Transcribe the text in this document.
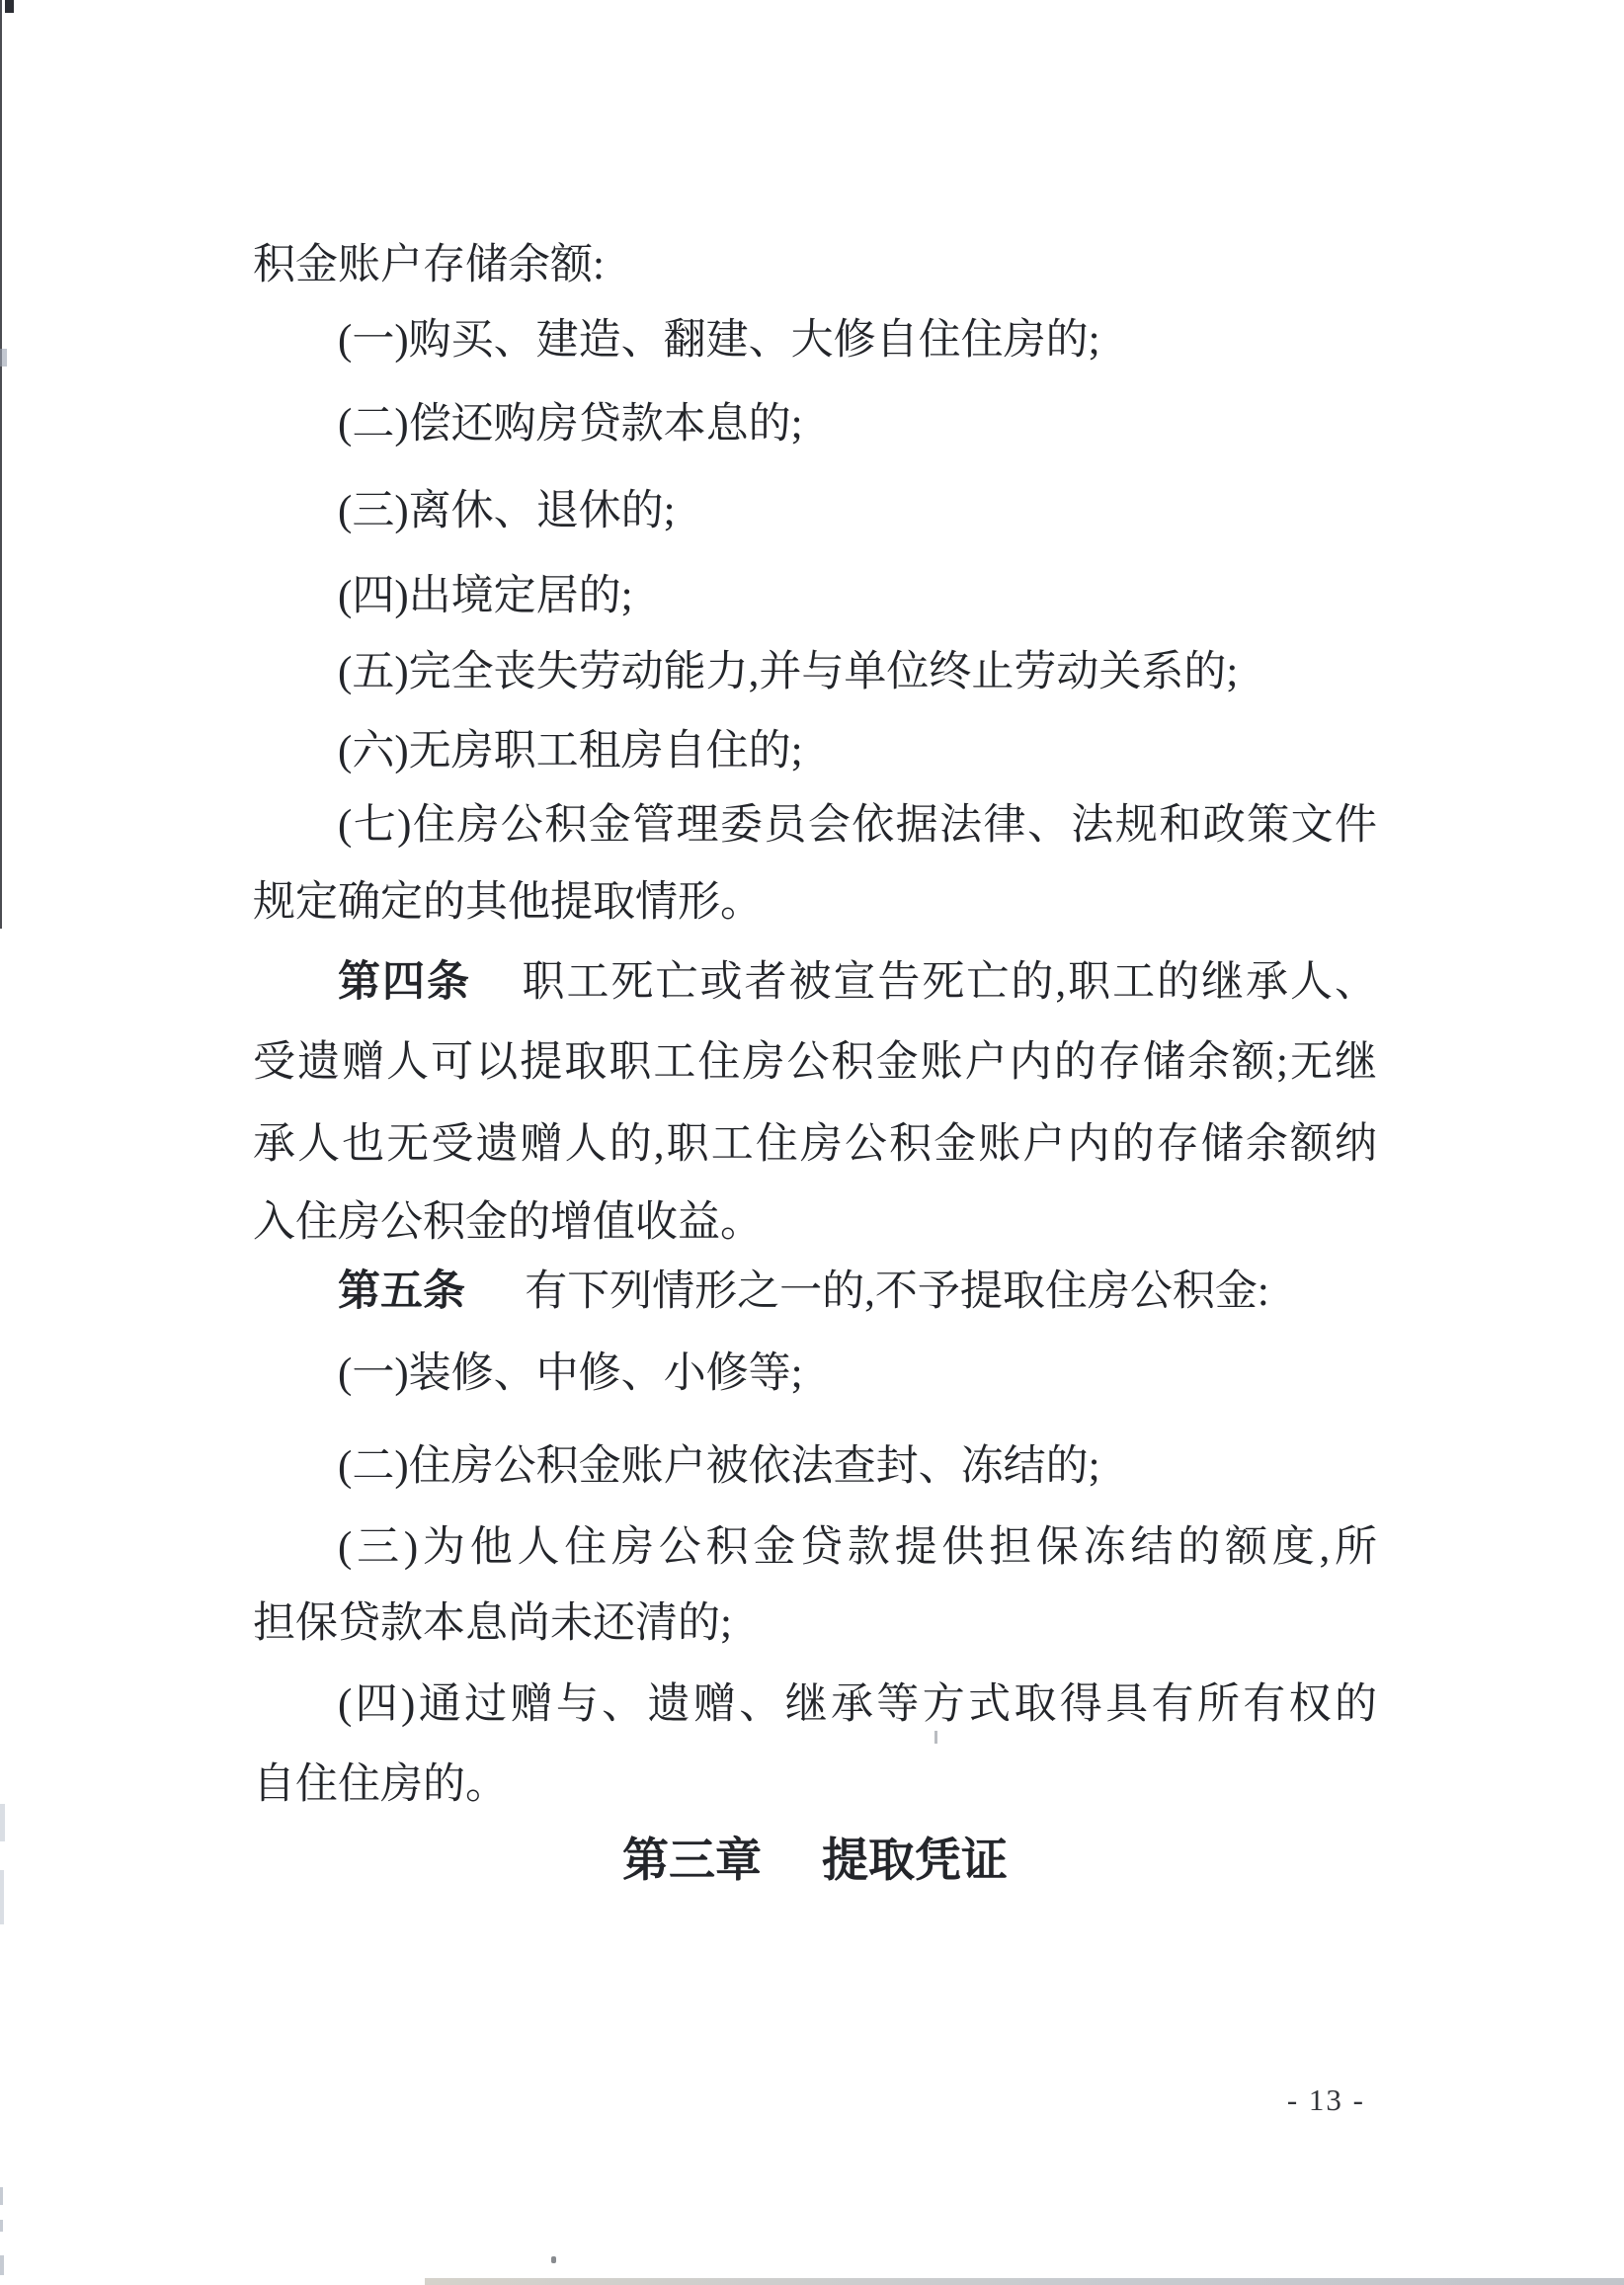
积金账户存储余额:
(一)购买、建造、翻建、大修自住住房的;
(二)偿还购房贷款本息的;
(三)离休、退休的;
(四)出境定居的;
(五)完全丧失劳动能力,并与单位终止劳动关系的;
(六)无房职工租房自住的;
(七)住房公积金管理委员会依据法律、法规和政策文件
规定确定的其他提取情形。
第四条 职工死亡或者被宣告死亡的,职工的继承人、
受遗赠人可以提取职工住房公积金账户内的存储余额;无继
承人也无受遗赠人的,职工住房公积金账户内的存储余额纳
入住房公积金的增值收益。
第五条 有下列情形之一的,不予提取住房公积金:
(一)装修、中修、小修等;
(二)住房公积金账户被依法查封、冻结的;
(三)为他人住房公积金贷款提供担保冻结的额度,所
担保贷款本息尚未还清的;
(四)通过赠与、遗赠、继承等方式取得具有所有权的
自住住房的。
第三章 提取凭证
- 13 -
